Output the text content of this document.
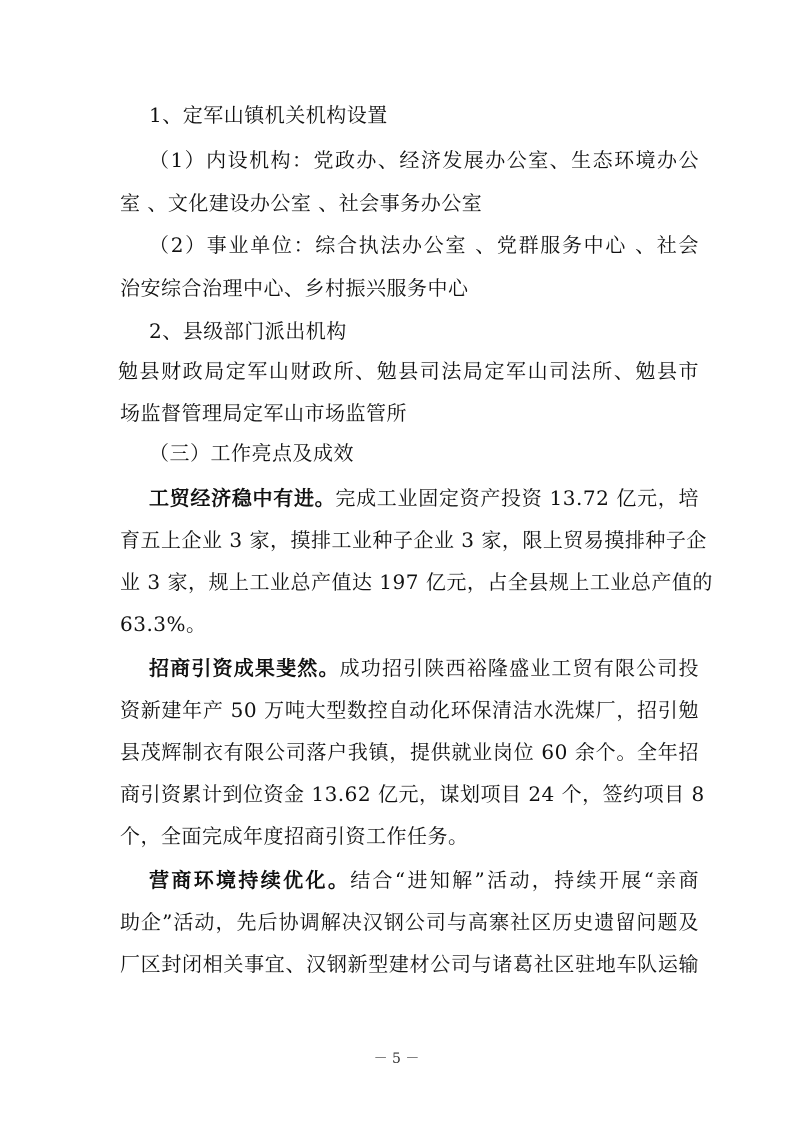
1、定军山镇机关机构设置
（1）内设机构：党政办、经济发展办公室、生态环境办公
室 、文化建设办公室 、社会事务办公室
（2）事业单位：综合执法办公室 、党群服务中心 、社会
治安综合治理中心、乡村振兴服务中心
2、县级部门派出机构
勉县财政局定军山财政所、勉县司法局定军山司法所、勉县市
场监督管理局定军山市场监管所
（三）工作亮点及成效
工贸经济稳中有进。完成工业固定资产投资 13.72 亿元，培
育五上企业 3 家，摸排工业种子企业 3 家，限上贸易摸排种子企
业 3 家，规上工业总产值达 197 亿元，占全县规上工业总产值的
63.3%。
招商引资成果斐然。成功招引陕西裕隆盛业工贸有限公司投
资新建年产 50 万吨大型数控自动化环保清洁水洗煤厂，招引勉
县茂辉制衣有限公司落户我镇，提供就业岗位 60 余个。全年招
商引资累计到位资金 13.62 亿元，谋划项目 24 个，签约项目 8
个，全面完成年度招商引资工作任务。
营商环境持续优化。结合“进知解”活动，持续开展“亲商
助企”活动，先后协调解决汉钢公司与高寨社区历史遗留问题及
厂区封闭相关事宜、汉钢新型建材公司与诸葛社区驻地车队运输
－ 5 －
